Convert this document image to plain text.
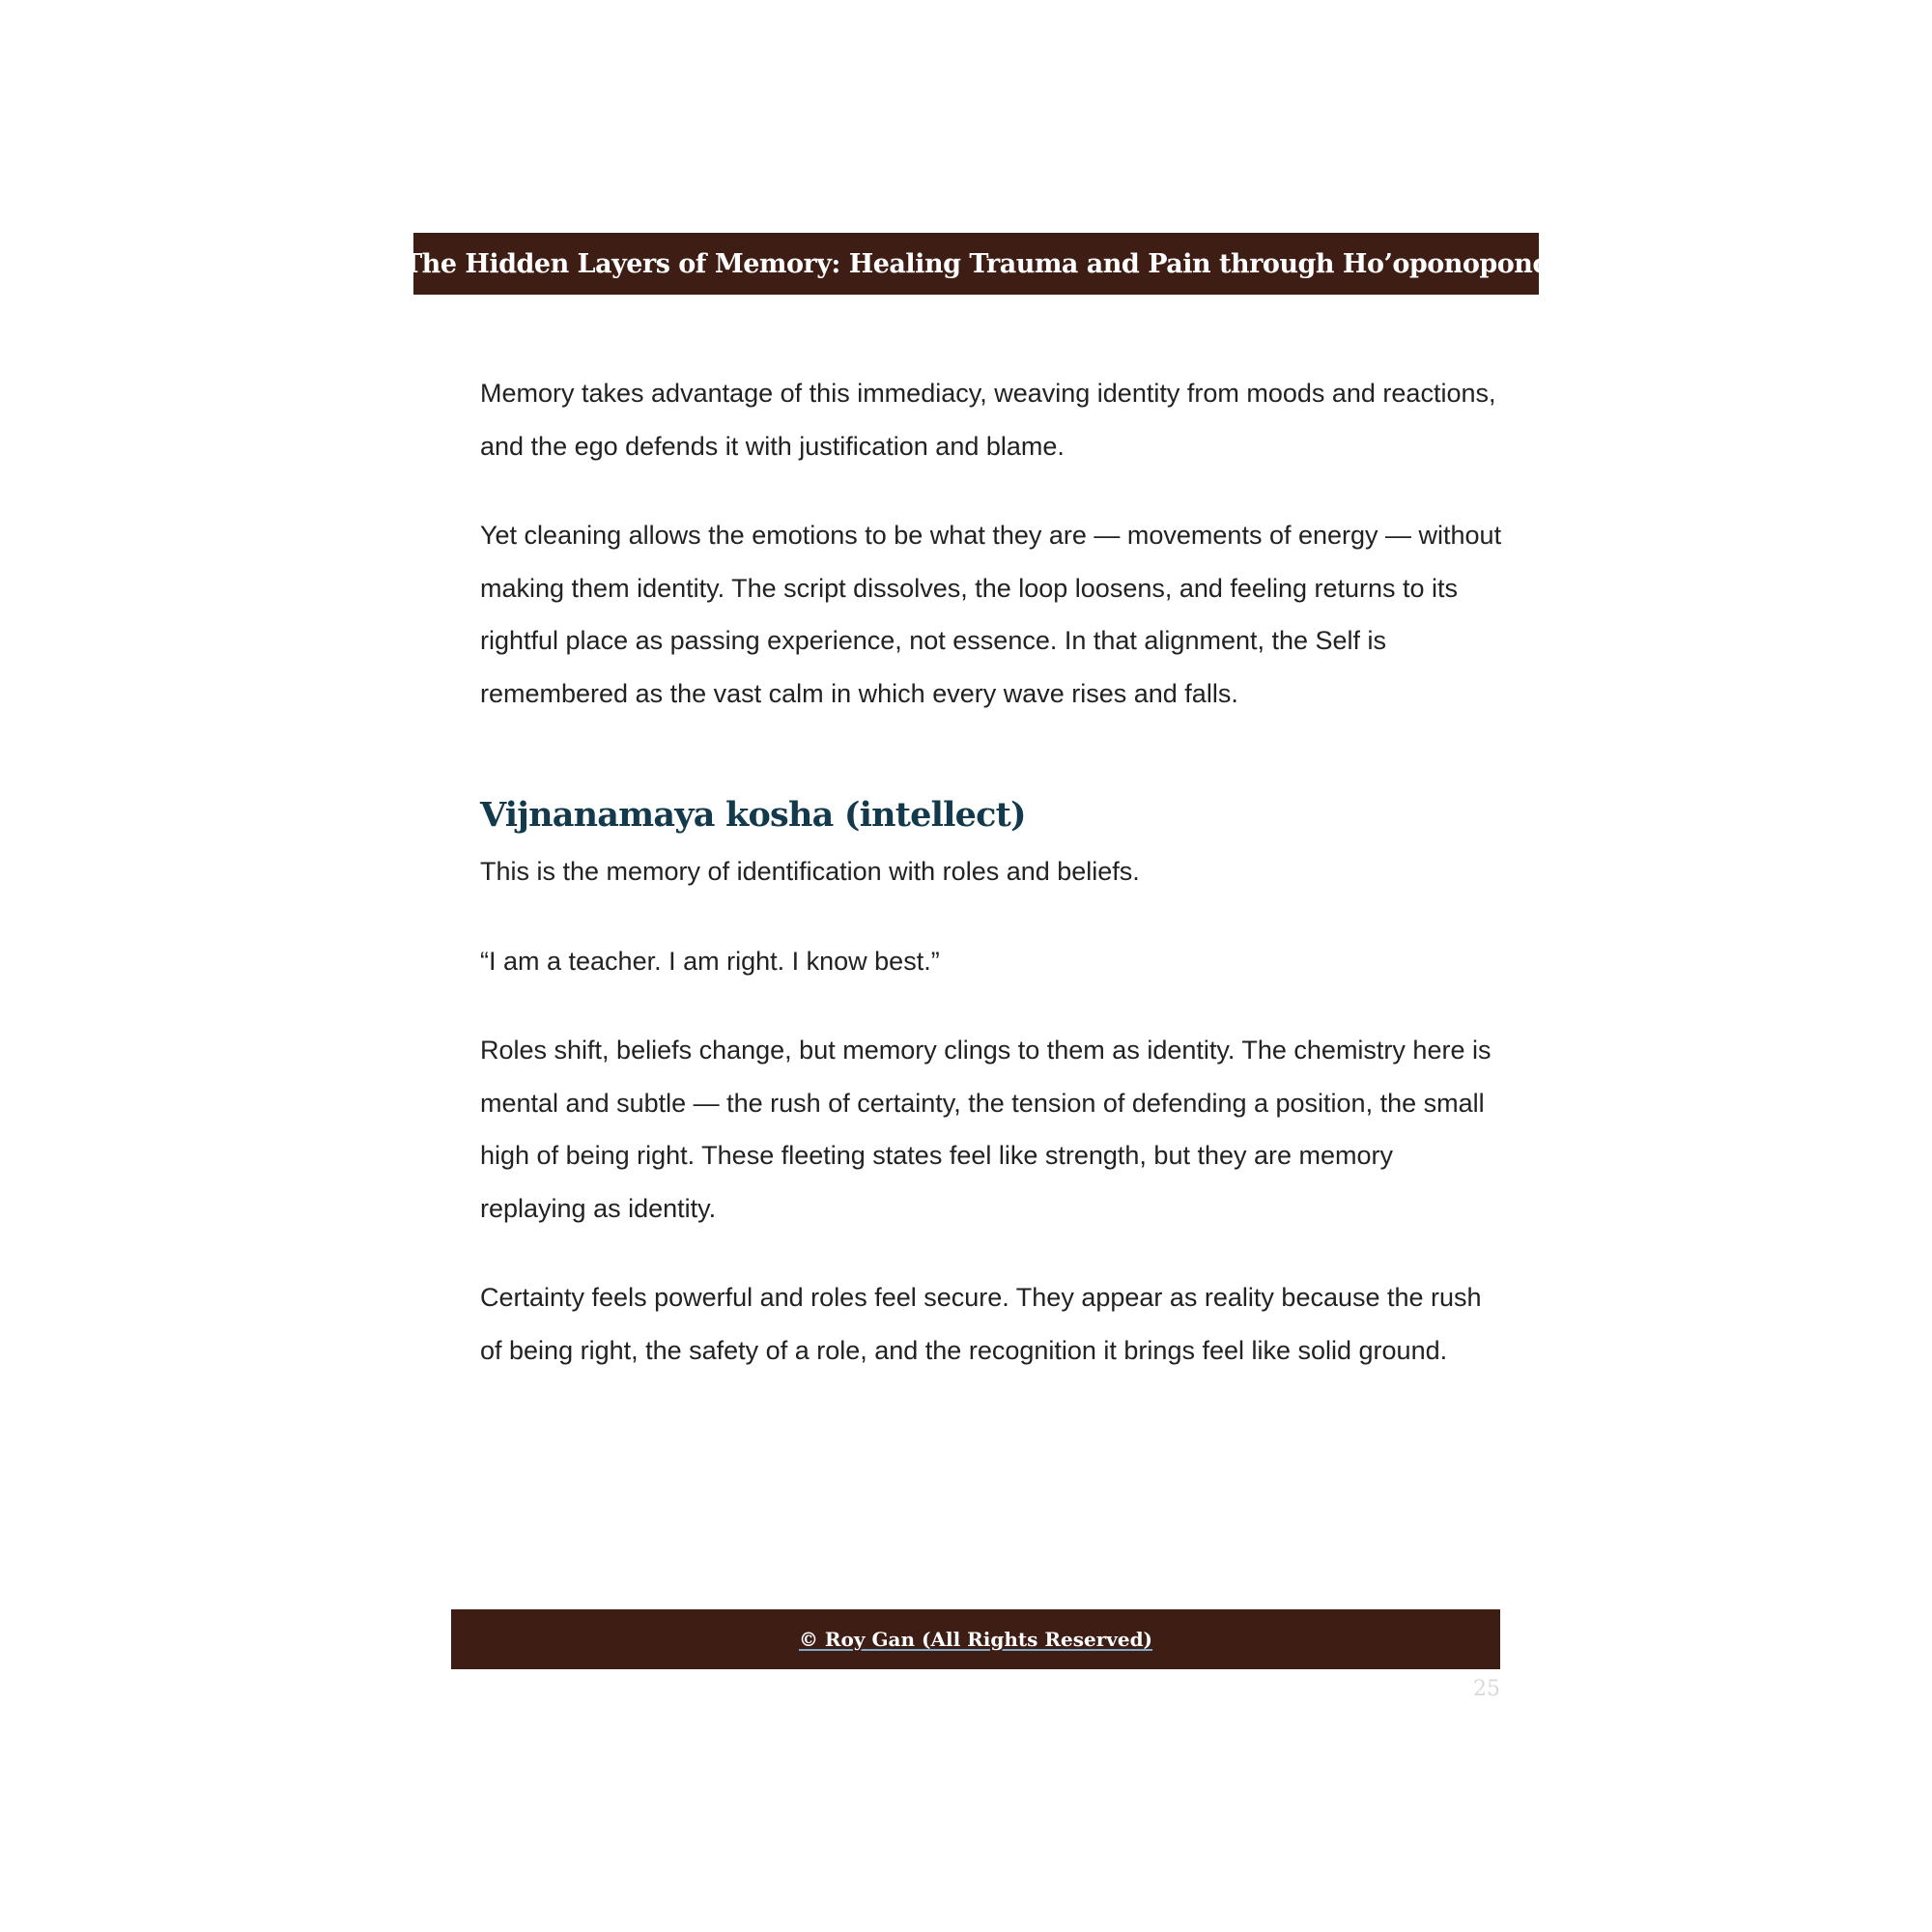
The Hidden Layers of Memory: Healing Trauma and Pain through Ho’oponopono

Memory takes advantage of this immediacy, weaving identity from moods and reactions, and the ego defends it with justification and blame.

Yet cleaning allows the emotions to be what they are — movements of energy — without making them identity. The script dissolves, the loop loosens, and feeling returns to its rightful place as passing experience, not essence. In that alignment, the Self is remembered as the vast calm in which every wave rises and falls.

Vijnanamaya kosha (intellect)

This is the memory of identification with roles and beliefs.

“I am a teacher. I am right. I know best.”

Roles shift, beliefs change, but memory clings to them as identity. The chemistry here is mental and subtle — the rush of certainty, the tension of defending a position, the small high of being right. These fleeting states feel like strength, but they are memory replaying as identity.

Certainty feels powerful and roles feel secure. They appear as reality because the rush of being right, the safety of a role, and the recognition it brings feel like solid ground.

© Roy Gan (All Rights Reserved)
25
